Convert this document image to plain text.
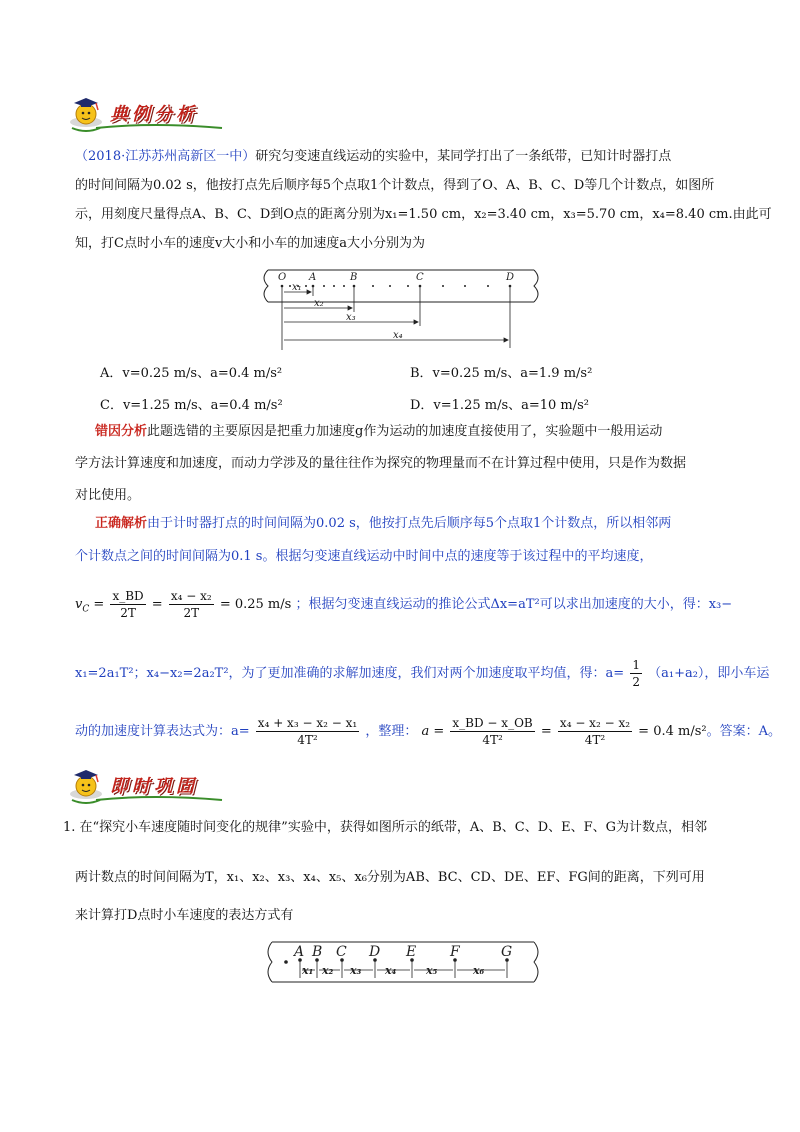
典例分析
（2018·江苏苏州高新区一中）研究匀变速直线运动的实验中，某同学打出了一条纸带，已知计时器打点
的时间间隔为0.02 s，他按打点先后顺序每5个点取1个计数点，得到了O、A、B、C、D等几个计数点，如图所
示，用刻度尺量得点A、B、C、D到O点的距离分别为x₁=1.50 cm，x₂=3.40 cm，x₃=5.70 cm，x₄=8.40 cm.由此可
知，打C点时小车的速度v大小和小车的加速度a大小分别为为
O A	B	C	D
x₁
x₂
x₃
x₄
A．v=0.25 m/s、a=0.4 m/s²	B．v=0.25 m/s、a=1.9 m/s²
C．v=1.25 m/s、a=0.4 m/s²	D．v=1.25 m/s、a=10 m/s²
错因分析此题选错的主要原因是把重力加速度g作为运动的加速度直接使用了，实验题中一般用运动
学方法计算速度和加速度，而动力学涉及的量往往作为探究的物理量而不在计算过程中使用，只是作为数据
对比使用。
正确解析由于计时器打点的时间间隔为0.02 s，他按打点先后顺序每5个点取1个计数点，所以相邻两
个计数点之间的时间间隔为0.1 s。根据匀变速直线运动中时间中点的速度等于该过程中的平均速度，
$v_C = \frac{x\_BD}{2T} = \frac{\text{x₄ − x₂}}{2T} = 0.25$ m/s ；根据匀变速直线运动的推论公式Δx=aT²可以求出加速度的大小，得：x₃−
x₁=2a₁T²；x₄−x₂=2a₂T²，为了更加准确的求解加速度，我们对两个加速度取平均值，得：$a= \frac{1}{2} (a_1+a_2)$，即小车运
动的加速度计算表达式为：$a= \frac{\text{x₄ + x₃ − x₂ − x₁}}{\text{4T²}}$ ，整理： $a = \frac{x\_BD - x\_OB}{\text{4T²}} = \frac{\text{x₄ − x₂ − x₂}}{\text{4T²}} = 0.4$ m/s²。答案：A。
即时巩固
1. 在“探究小车速度随时间变化的规律”实验中，获得如图所示的纸带，A、B、C、D、E、F、G为计数点，相邻
两计数点的时间间隔为T，x₁、x₂、x₃、x₄、x₅、x₆分别为AB、BC、CD、DE、EF、FG间的距离，下列可用
来计算打D点时小车速度的表达方式有
A B C D E F	G
x₁ x₂ x₃ x₄	x₅	x₆
